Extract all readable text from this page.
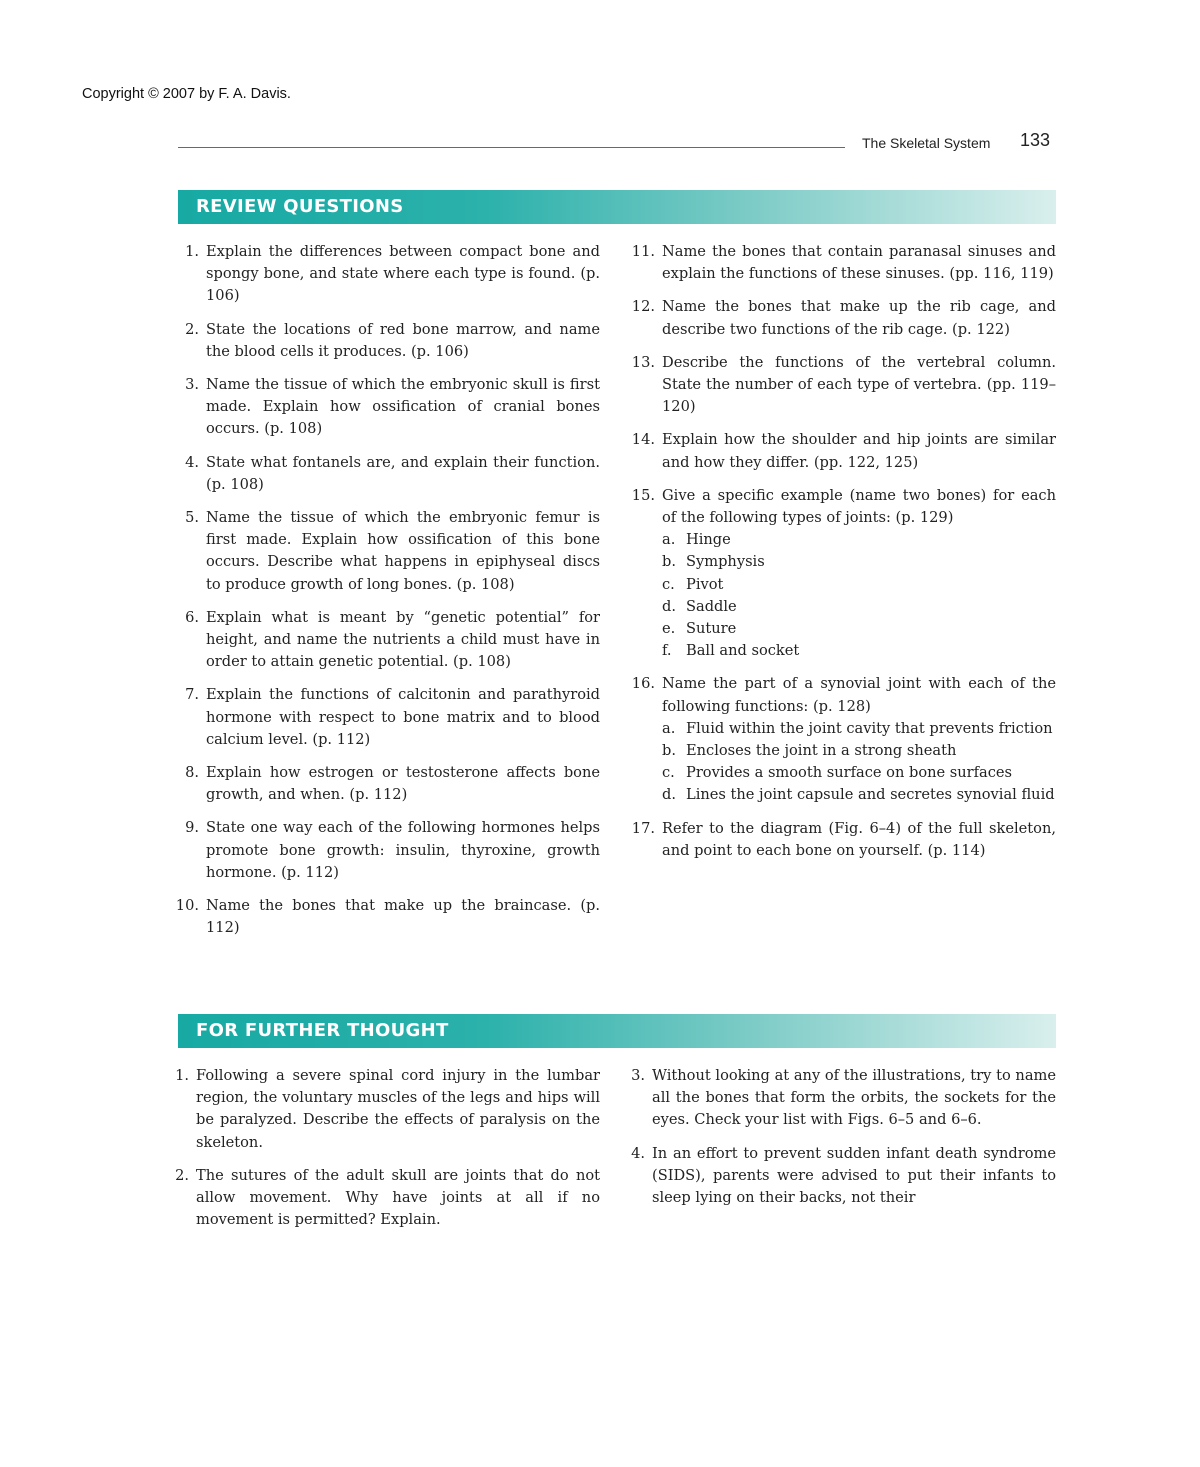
Copyright © 2007 by F. A. Davis.
The Skeletal System 133
REVIEW QUESTIONS
1. Explain the differences between compact bone and spongy bone, and state where each type is found. (p. 106)
2. State the locations of red bone marrow, and name the blood cells it produces. (p. 106)
3. Name the tissue of which the embryonic skull is first made. Explain how ossification of cranial bones occurs. (p. 108)
4. State what fontanels are, and explain their function. (p. 108)
5. Name the tissue of which the embryonic femur is first made. Explain how ossification of this bone occurs. Describe what happens in epiphyseal discs to produce growth of long bones. (p. 108)
6. Explain what is meant by “genetic potential” for height, and name the nutrients a child must have in order to attain genetic potential. (p. 108)
7. Explain the functions of calcitonin and parathyroid hormone with respect to bone matrix and to blood calcium level. (p. 112)
8. Explain how estrogen or testosterone affects bone growth, and when. (p. 112)
9. State one way each of the following hormones helps promote bone growth: insulin, thyroxine, growth hormone. (p. 112)
10. Name the bones that make up the braincase. (p. 112)
11. Name the bones that contain paranasal sinuses and explain the functions of these sinuses. (pp. 116, 119)
12. Name the bones that make up the rib cage, and describe two functions of the rib cage. (p. 122)
13. Describe the functions of the vertebral column. State the number of each type of vertebra. (pp. 119–120)
14. Explain how the shoulder and hip joints are similar and how they differ. (pp. 122, 125)
15. Give a specific example (name two bones) for each of the following types of joints: (p. 129)
a. Hinge
b. Symphysis
c. Pivot
d. Saddle
e. Suture
f. Ball and socket
16. Name the part of a synovial joint with each of the following functions: (p. 128)
a. Fluid within the joint cavity that prevents friction
b. Encloses the joint in a strong sheath
c. Provides a smooth surface on bone surfaces
d. Lines the joint capsule and secretes synovial fluid
17. Refer to the diagram (Fig. 6–4) of the full skeleton, and point to each bone on yourself. (p. 114)
FOR FURTHER THOUGHT
1. Following a severe spinal cord injury in the lumbar region, the voluntary muscles of the legs and hips will be paralyzed. Describe the effects of paralysis on the skeleton.
2. The sutures of the adult skull are joints that do not allow movement. Why have joints at all if no movement is permitted? Explain.
3. Without looking at any of the illustrations, try to name all the bones that form the orbits, the sockets for the eyes. Check your list with Figs. 6–5 and 6–6.
4. In an effort to prevent sudden infant death syndrome (SIDS), parents were advised to put their infants to sleep lying on their backs, not their
